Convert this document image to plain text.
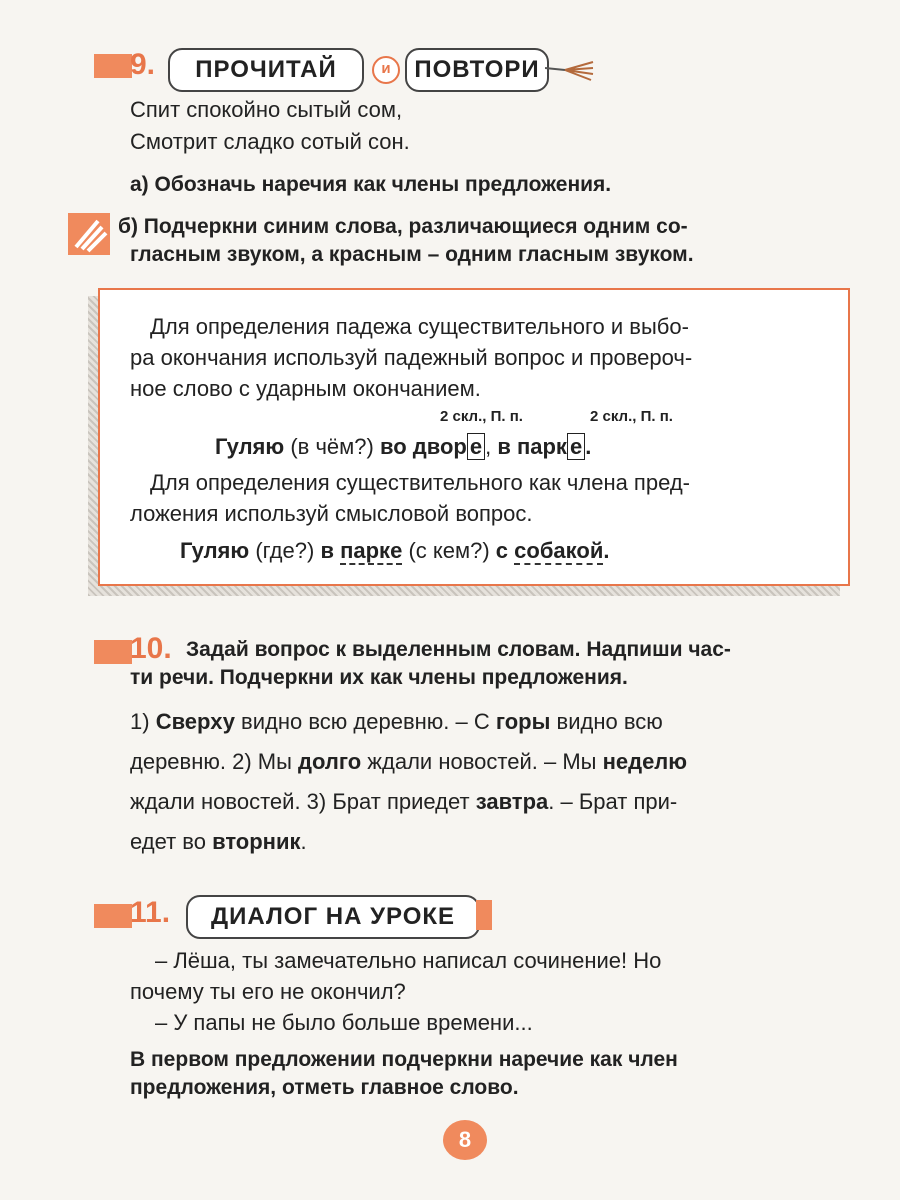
9.	ПРОЧИТАЙ	и ПОВТОРИ
Спит спокойно сытый сом,
Смотрит сладко сотый сон.
а) Обозначь наречия как члены предложения.
б) Подчеркни синим слова, различающиеся одним со-
гласным звуком, а красным – одним гласным звуком.
Для определения падежа существительного и выбо-
ра окончания используй падежный вопрос и провероч-
ное слово с ударным окончанием.
2 скл., П. п.	2 скл., П. п.
Гуляю (в чём?) во двор е , в парк е .
Для определения существительного как члена пред-
ложения используй смысловой вопрос.
Гуляю (где?) в парке (с кем?) с собакой.
10. Задай вопрос к выделенным словам. Надпиши час-
ти речи. Подчеркни их как члены предложения.
1) Сверху видно всю деревню. – С горы видно всю
деревню. 2) Мы долго ждали новостей. – Мы неделю
ждали новостей. 3) Брат приедет завтра. – Брат при-
едет во вторник.
11.	ДИАЛОГ НА УРОКЕ
– Лёша, ты замечательно написал сочинение! Но
почему ты его не окончил?
– У папы не было больше времени...
В первом предложении подчеркни наречие как член
предложения, отметь главное слово.
8
